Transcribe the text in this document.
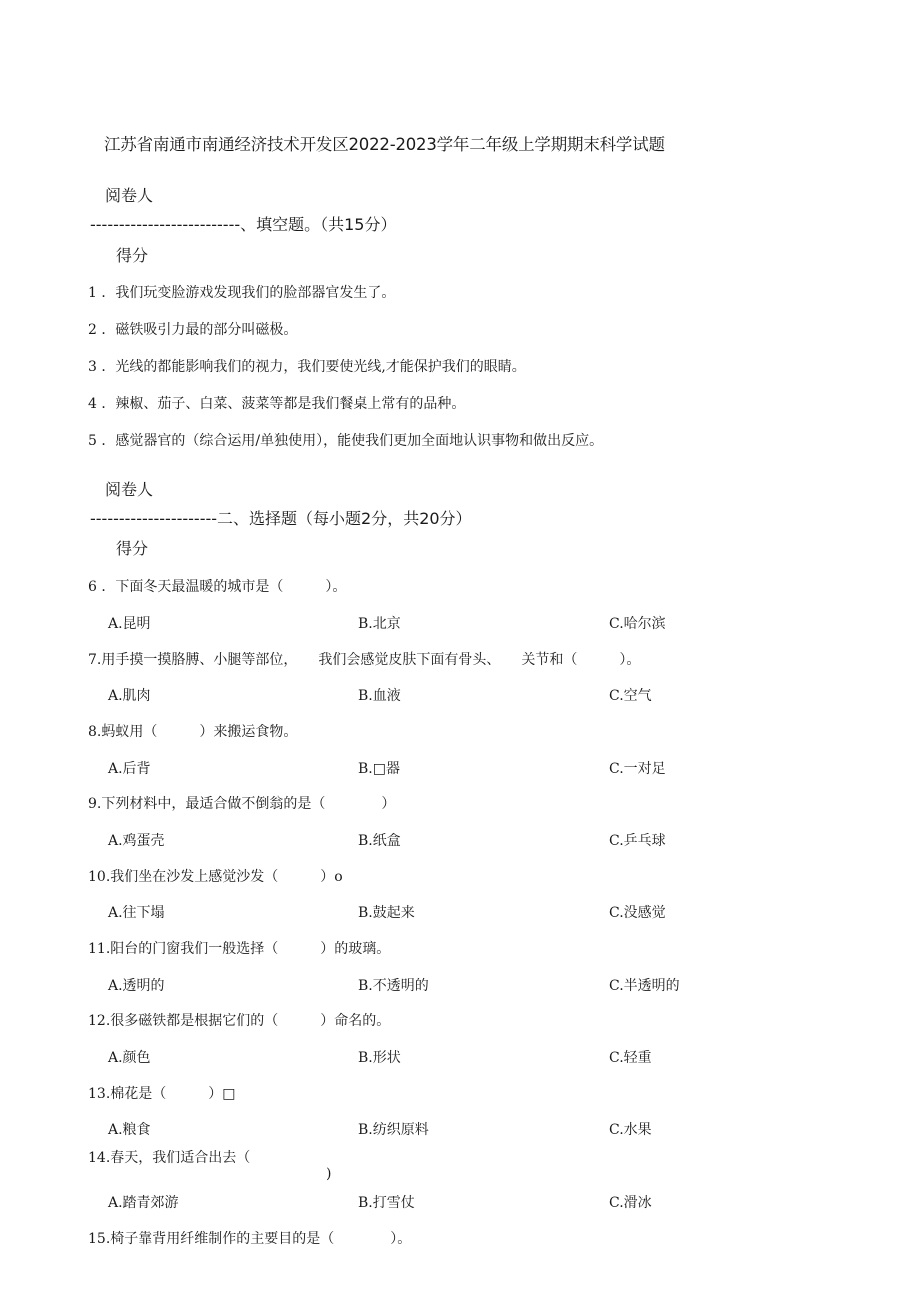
江苏省南通市南通经济技术开发区2022-2023学年二年级上学期期末科学试题
阅卷人
--------------------------、填空题。（共15分）
得分
1 ．我们玩变脸游戏发现我们的脸部器官发生了。
2 ．磁铁吸引力最的部分叫磁极。
3 ．光线的都能影响我们的视力，我们要使光线,才能保护我们的眼睛。
4 ．辣椒、茄子、白菜、菠菜等都是我们餐桌上常有的品种。
5 ．感觉器官的（综合运用/单独使用），能使我们更加全面地认识事物和做出反应。
阅卷人
----------------------二、选择题（每小题2分，共20分）
得分
6 ．下面冬天最温暖的城市是（　　　）。
A.昆明	B.北京	C.哈尔滨
7.用手摸一摸胳膊、小腿等部位，　　我们会感觉皮肤下面有骨头、　　关节和（　　　）。
A.肌肉	B.血液	C.空气
8.蚂蚁用（　　　）来搬运食物。
A.后背	B.□器	C.一对足
9.下列材料中，最适合做不倒翁的是（　　　　）
A.鸡蛋壳	B.纸盒	C.乒乓球
10.我们坐在沙发上感觉沙发（　　　）o
A.往下塌	B.鼓起来	C.没感觉
11.阳台的门窗我们一般选择（　　　）的玻璃。
A.透明的	B.不透明的	C.半透明的
12.很多磁铁都是根据它们的（　　　）命名的。
A.颜色	B.形状	C.轻重
13.棉花是（　　　）□
A.粮食	B.纺织原料	C.水果
14.春天，我们适合出去（
)
A.踏青郊游	B.打雪仗	C.滑冰
15.椅子靠背用纤维制作的主要目的是（　　　　）。
